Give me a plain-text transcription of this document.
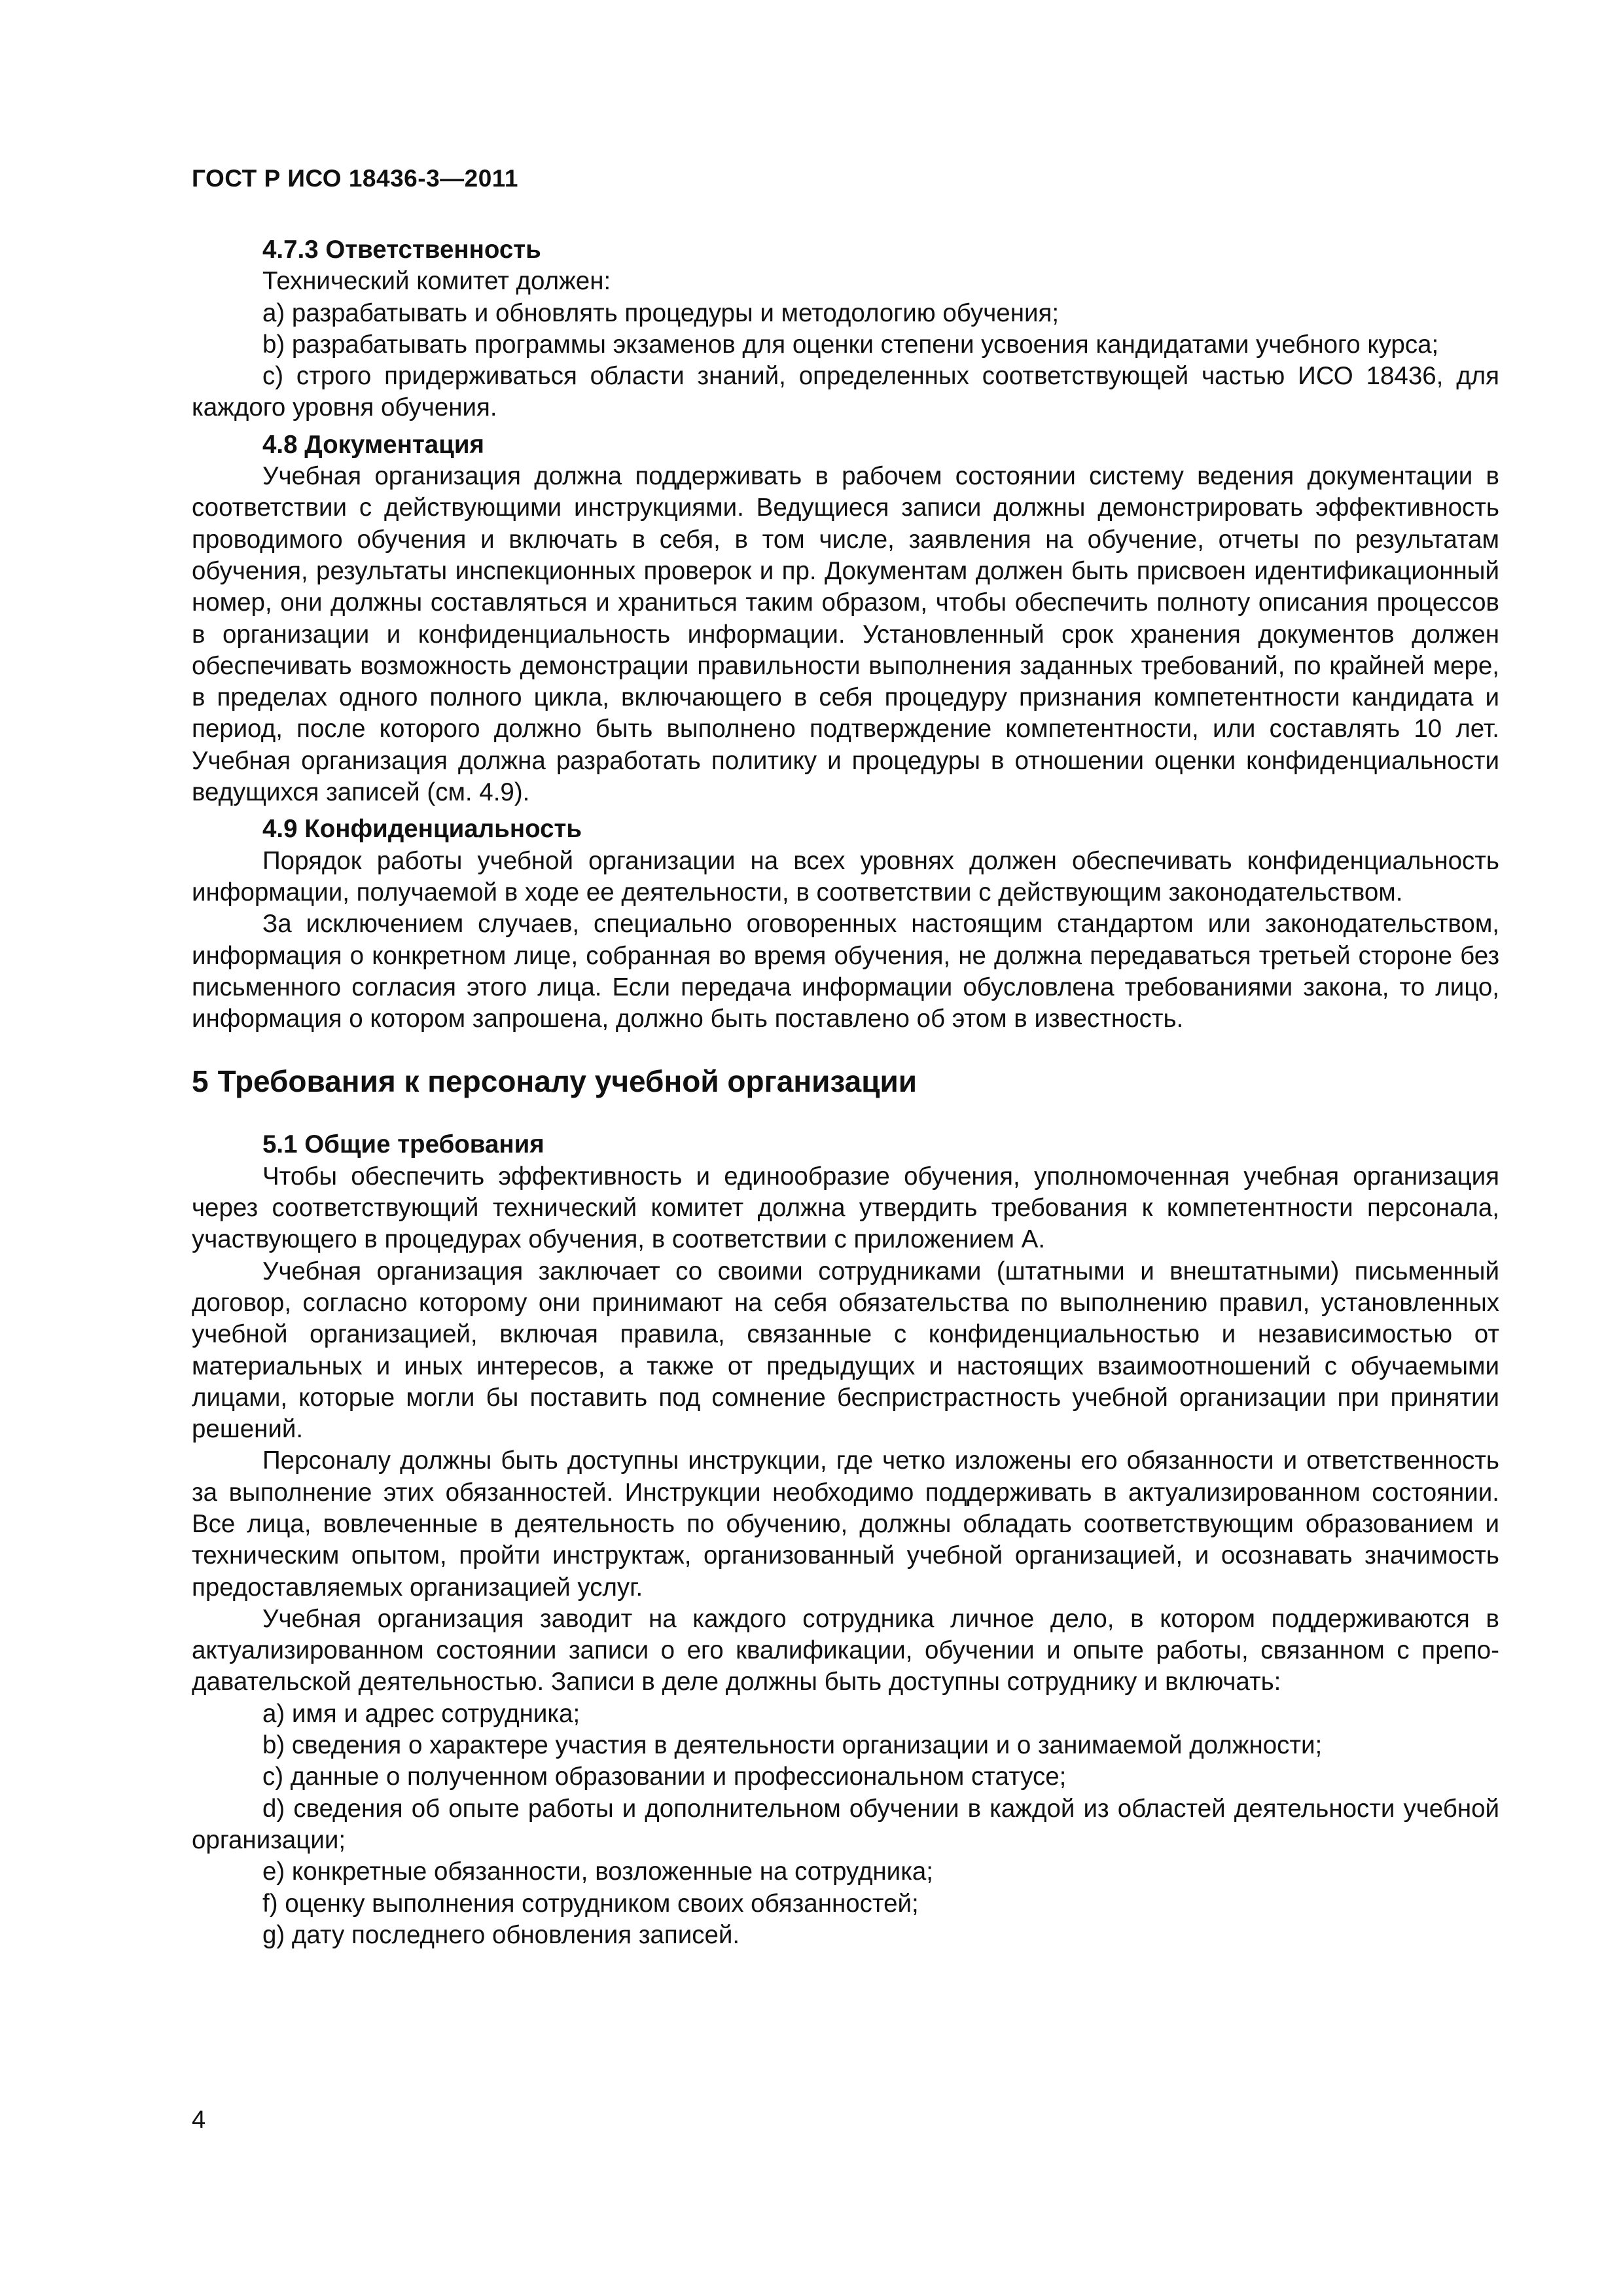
ГОСТ Р ИСО 18436-3—2011

4.7.3 Ответственность

Технический комитет должен:

a) разрабатывать и обновлять процедуры и методологию обучения;

b) разрабатывать программы экзаменов для оценки степени усвоения кандидатами учебного курса;

c) строго придерживаться области знаний, определенных соответствующей частью ИСО 18436, для каждого уровня обучения.

4.8 Документация

Учебная организация должна поддерживать в рабочем состоянии систему ведения документации в соответствии с действующими инструкциями. Ведущиеся записи должны демонстрировать эффективность проводимого обучения и включать в себя, в том числе, заявления на обучение, отчеты по результатам обучения, результаты инспекционных проверок и пр. Документам должен быть присвоен идентификационный номер, они должны составляться и храниться таким образом, чтобы обеспечить полноту описания процессов в организации и конфиденциальность информации. Установленный срок хранения документов должен обеспечивать возможность демонстрации правильности выполнения заданных требований, по крайней мере, в пределах одного полного цикла, включающего в себя процедуру признания компетентности кандидата и период, после которого должно быть выполнено подтверждение компетентности, или составлять 10 лет. Учебная организация должна разработать политику и процедуры в отношении оценки конфиденциальности ведущихся записей (см. 4.9).

4.9 Конфиденциальность

Порядок работы учебной организации на всех уровнях должен обеспечивать конфиденциальность информации, получаемой в ходе ее деятельности, в соответствии с действующим законодательством.

За исключением случаев, специально оговоренных настоящим стандартом или законодательством, информация о конкретном лице, собранная во время обучения, не должна передаваться третьей стороне без письменного согласия этого лица. Если передача информации обусловлена требованиями закона, то лицо, информация о котором запрошена, должно быть поставлено об этом в известность.

5 Требования к персоналу учебной организации

5.1 Общие требования

Чтобы обеспечить эффективность и единообразие обучения, уполномоченная учебная организация через соответствующий технический комитет должна утвердить требования к компетентности персонала, участвующего в процедурах обучения, в соответствии с приложением А.

Учебная организация заключает со своими сотрудниками (штатными и внештатными) письменный договор, согласно которому они принимают на себя обязательства по выполнению правил, установленных учебной организацией, включая правила, связанные с конфиденциальностью и независимостью от материальных и иных интересов, а также от предыдущих и настоящих взаимоотношений с обучаемыми лицами, которые могли бы поставить под сомнение беспристрастность учебной организации при принятии решений.

Персоналу должны быть доступны инструкции, где четко изложены его обязанности и ответственность за выполнение этих обязанностей. Инструкции необходимо поддерживать в актуализированном состоянии. Все лица, вовлеченные в деятельность по обучению, должны обладать соответствующим образованием и техническим опытом, пройти инструктаж, организованный учебной организацией, и осознавать значимость предоставляемых организацией услуг.

Учебная организация заводит на каждого сотрудника личное дело, в котором поддерживаются в актуализированном состоянии записи о его квалификации, обучении и опыте работы, связанном с преподавательской деятельностью. Записи в деле должны быть доступны сотруднику и включать:

a) имя и адрес сотрудника;

b) сведения о характере участия в деятельности организации и о занимаемой должности;

c) данные о полученном образовании и профессиональном статусе;

d) сведения об опыте работы и дополнительном обучении в каждой из областей деятельности учебной организации;

e) конкретные обязанности, возложенные на сотрудника;

f) оценку выполнения сотрудником своих обязанностей;

g) дату последнего обновления записей.

4
